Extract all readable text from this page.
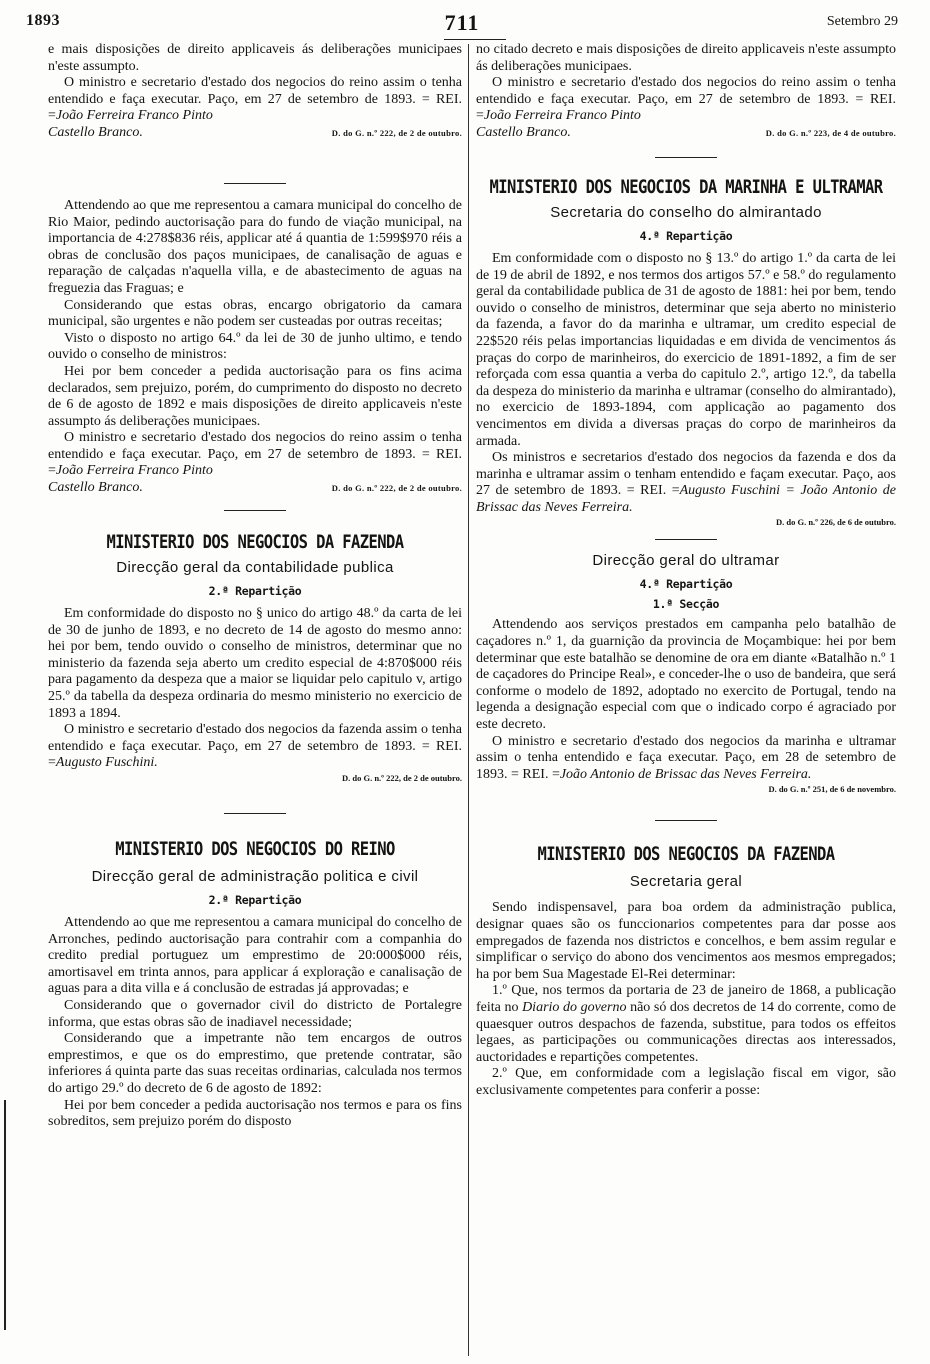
1893	711	Setembro 29

e mais disposições de direito applicaveis ás deliberações municipaes n'este assumpto.

O ministro e secretario d'estado dos negocios do reino assim o tenha entendido e faça executar. Paço, em 27 de setembro de 1893. = REI. =João Ferreira Franco Pinto

Castello Branco.	D. do G. n.º 222, de 2 de outubro.

Attendendo ao que me representou a camara municipal do concelho de Rio Maior, pedindo auctorisação para do fundo de viação municipal, na importancia de 4:278$836 réis, applicar até á quantia de 1:599$970 réis a obras de conclusão dos paços municipaes, de canalisação de aguas e reparação de calçadas n'aquella villa, e de abastecimento de aguas na freguezia das Fraguas; e

Considerando que estas obras, encargo obrigatorio da camara municipal, são urgentes e não podem ser custeadas por outras receitas;

Visto o disposto no artigo 64.º da lei de 30 de junho ultimo, e tendo ouvido o conselho de ministros:

Hei por bem conceder a pedida auctorisação para os fins acima declarados, sem prejuizo, porém, do cumprimento do disposto no decreto de 6 de agosto de 1892 e mais disposições de direito applicaveis n'este assumpto ás deliberações municipaes.

O ministro e secretario d'estado dos negocios do reino assim o tenha entendido e faça executar. Paço, em 27 de setembro de 1893. = REI. =João Ferreira Franco Pinto

Castello Branco.	D. do G. n.º 222, de 2 de outubro.
MINISTERIO DOS NEGOCIOS DA FAZENDA
Direcção geral da contabilidade publica
2.ª Repartição

Em conformidade do disposto no § unico do artigo 48.º da carta de lei de 30 de junho de 1893, e no decreto de 14 de agosto do mesmo anno: hei por bem, tendo ouvido o conselho de ministros, determinar que no ministerio da fazenda seja aberto um credito especial de 4:870$000 réis para pagamento da despeza que a maior se liquidar pelo capitulo v, artigo 25.º da tabella da despeza ordinaria do mesmo ministerio no exercicio de 1893 a 1894.

O ministro e secretario d'estado dos negocios da fazenda assim o tenha entendido e faça executar. Paço, em 27 de setembro de 1893. = REI. =Augusto Fuschini.

D. do G. n.º 222, de 2 de outubro.
MINISTERIO DOS NEGOCIOS DO REINO
Direcção geral de administração politica e civil
2.ª Repartição

Attendendo ao que me representou a camara municipal do concelho de Arronches, pedindo auctorisação para contrahir com a companhia do credito predial portuguez um emprestimo de 20:000$000 réis, amortisavel em trinta annos, para applicar á exploração e canalisação de aguas para a dita villa e á conclusão de estradas já approvadas; e

Considerando que o governador civil do districto de Portalegre informa, que estas obras são de inadiavel necessidade;

Considerando que a impetrante não tem encargos de outros emprestimos, e que os do emprestimo, que pretende contratar, são inferiores á quinta parte das suas receitas ordinarias, calculada nos termos do artigo 29.º do decreto de 6 de agosto de 1892:

Hei por bem conceder a pedida auctorisação nos termos e para os fins sobreditos, sem prejuizo porém do disposto

no citado decreto e mais disposições de direito applicaveis n'este assumpto ás deliberações municipaes.

O ministro e secretario d'estado dos negocios do reino assim o tenha entendido e faça executar. Paço, em 27 de setembro de 1893. = REI. =João Ferreira Franco Pinto

Castello Branco.	D. do G. n.º 223, de 4 de outubro.
MINISTERIO DOS NEGOCIOS DA MARINHA E ULTRAMAR
Secretaria do conselho do almirantado
4.ª Repartição

Em conformidade com o disposto no § 13.º do artigo 1.º da carta de lei de 19 de abril de 1892, e nos termos dos artigos 57.º e 58.º do regulamento geral da contabilidade publica de 31 de agosto de 1881: hei por bem, tendo ouvido o conselho de ministros, determinar que seja aberto no ministerio da fazenda, a favor do da marinha e ultramar, um credito especial de 22$520 réis pelas importancias liquidadas e em divida de vencimentos ás praças do corpo de marinheiros, do exercicio de 1891-1892, a fim de ser reforçada com essa quantia a verba do capitulo 2.º, artigo 12.º, da tabella da despeza do ministerio da marinha e ultramar (conselho do almirantado), no exercicio de 1893-1894, com applicação ao pagamento dos vencimentos em divida a diversas praças do corpo de marinheiros da armada.

Os ministros e secretarios d'estado dos negocios da fazenda e dos da marinha e ultramar assim o tenham entendido e façam executar. Paço, aos 27 de setembro de 1893. = REI. =Augusto Fuschini = João Antonio de Brissac das Neves Ferreira.

D. do G. n.º 226, de 6 de outubro.
Direcção geral do ultramar
4.ª Repartição
1.ª Secção

Attendendo aos serviços prestados em campanha pelo batalhão de caçadores n.º 1, da guarnição da provincia de Moçambique: hei por bem determinar que este batalhão se denomine de ora em diante «Batalhão n.º 1 de caçadores do Principe Real», e conceder-lhe o uso de bandeira, que será conforme o modelo de 1892, adoptado no exercito de Portugal, tendo na legenda a designação especial com que o indicado corpo é agraciado por este decreto.

O ministro e secretario d'estado dos negocios da marinha e ultramar assim o tenha entendido e faça executar. Paço, em 28 de setembro de 1893. = REI. =João Antonio de Brissac das Neves Ferreira.

D. do G. n.º 251, de 6 de novembro.
MINISTERIO DOS NEGOCIOS DA FAZENDA
Secretaria geral

Sendo indispensavel, para boa ordem da administração publica, designar quaes são os funccionarios competentes para dar posse aos empregados de fazenda nos districtos e concelhos, e bem assim regular e simplificar o serviço do abono dos vencimentos aos mesmos empregados; ha por bem Sua Magestade El-Rei determinar:

1.º Que, nos termos da portaria de 23 de janeiro de 1868, a publicação feita no Diario do governo não só dos decretos de 14 do corrente, como de quaesquer outros despachos de fazenda, substitue, para todos os effeitos legaes, as participações ou communicações directas aos interessados, auctoridades e repartições competentes.

2.º Que, em conformidade com a legislação fiscal em vigor, são exclusivamente competentes para conferir a posse:
